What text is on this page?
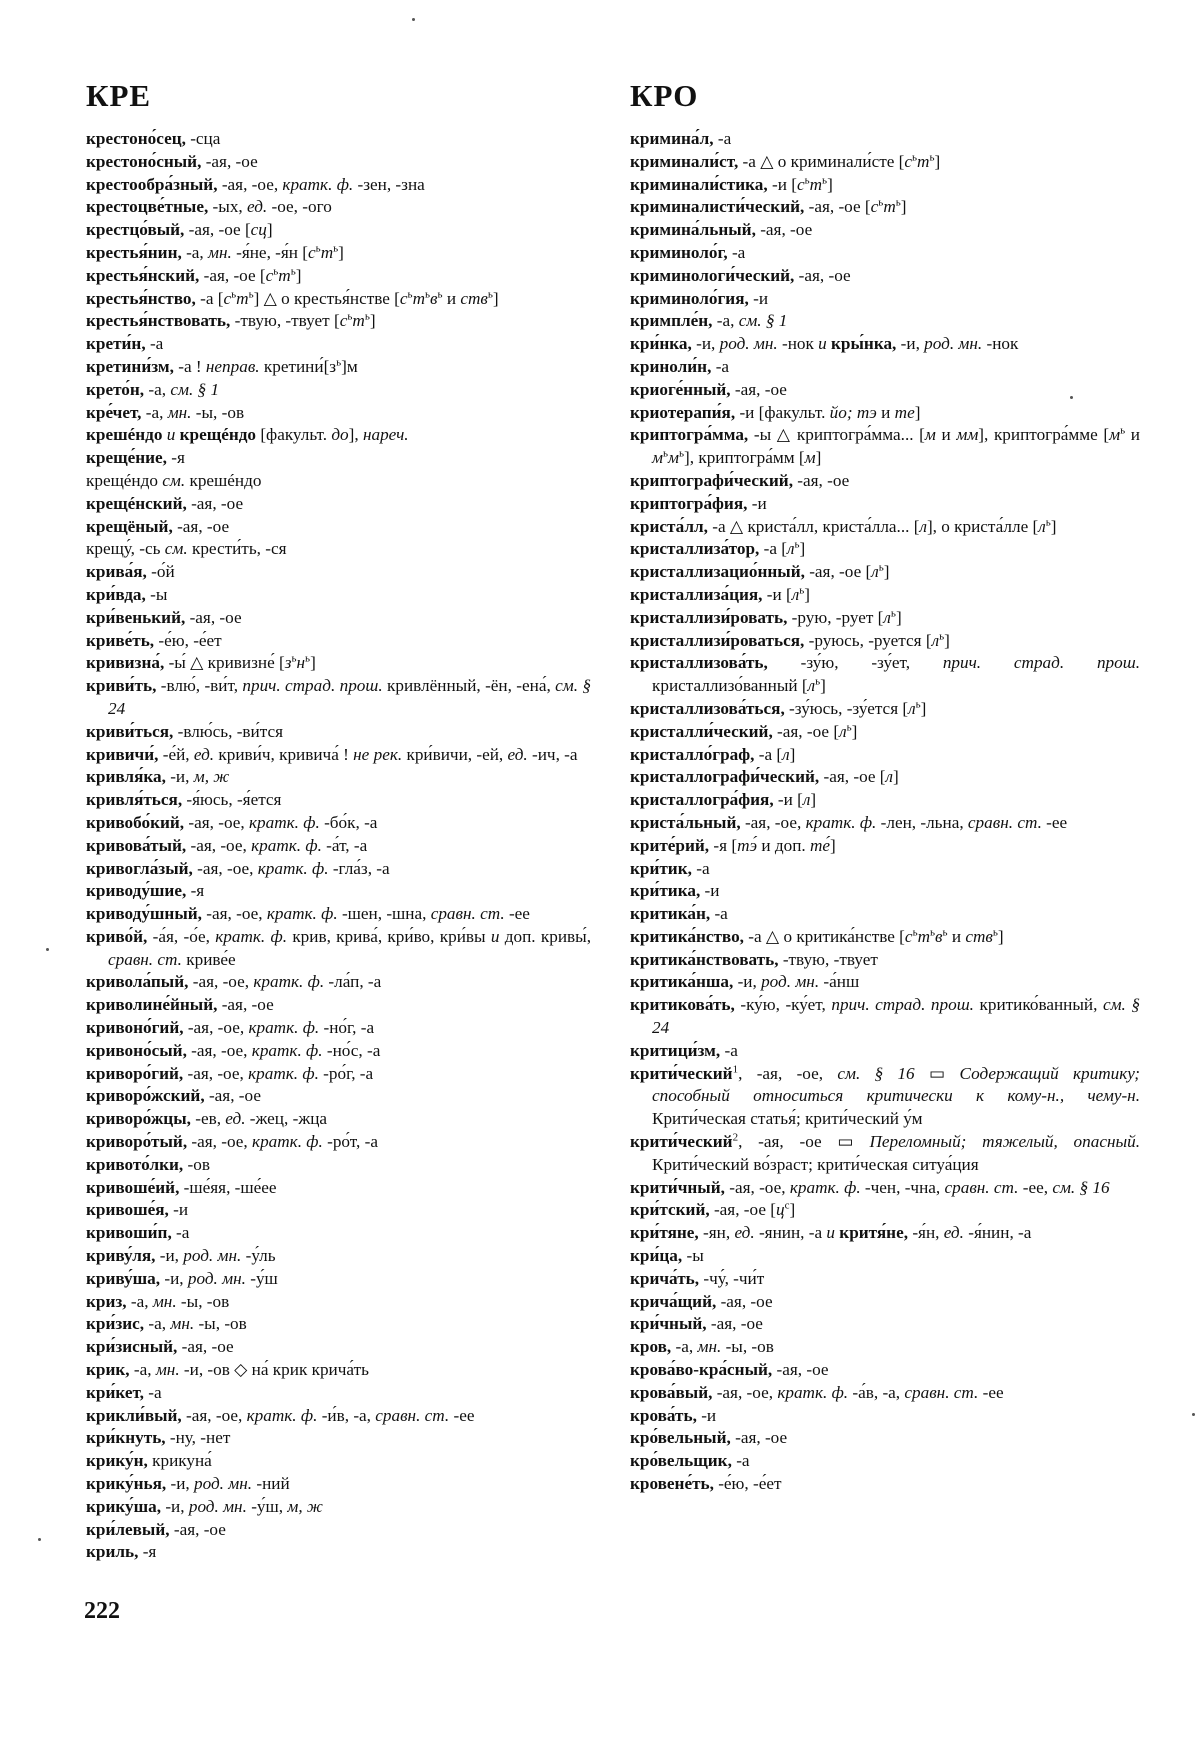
КРЕ	КРО
крестоно́сец, -сца
крестоно́сный, -ая, -ое
крестообра́зный, -ая, -ое, кратк. ф. -зен, -зна
крестоцве́тные, -ых, ед. -ое, -ого
крестцо́вый, -ая, -ое [сц]
крестья́нин, -а, мн. -я́не, -я́н $[с^ьт^ь]$
крестья́нский, -ая, -ое $[с^ьт^ь]$
крестья́нство, -а $[с^ьт^ь]$ △ о крестья́нстве [$с^ьт^ьв^ь$ и ств$^ь$]
крестья́нствовать, -твую, -твует $[с^ьт^ь]$
крети́н, -а
кретини́зм, -а ! неправ. $кретини́[з^ь]м$
крето́н, -а, см. § 1
кре́чет, -а, мн. -ы, -ов
крешéндо и крещéндо [факульт. до], нареч.
креще́ние, -я
крещéндо см. крешéндо
крещéнский, -ая, -ое
крещёный, -ая, -ое
крещу́, -сь см. крести́ть, -ся
крива́я, -о́й
кри́вда, -ы
кри́венький, -ая, -ое
криве́ть, -е́ю, -е́ет
кривизна́, -ы́ △ кривизне́ $[з^ьн^ь]$
криви́ть, -влю́, -ви́т, прич. страд. прош. кривлённый, -ён, -ена́, см. § 24
криви́ться, -влю́сь, -ви́тся
кривичи́, -е́й, ед. криви́ч, кривича́ ! не рек. кри́вичи, -ей, ед. -ич, -а
кривля́ка, -и, м, ж
кривля́ться, -я́юсь, -я́ется
кривобо́кий, -ая, -ое, кратк. ф. -бо́к, -а
кривова́тый, -ая, -ое, кратк. ф. -а́т, -а
кривогла́зый, -ая, -ое, кратк. ф. -гла́з, -а
криводу́шие, -я
криводу́шный, -ая, -ое, кратк. ф. -шен, -шна, сравн. ст. -ее
криво́й, -а́я, -о́е, кратк. ф. крив, крива́, кри́во, кри́вы и доп. кривы́, сравн. ст. криве́е
кривола́пый, -ая, -ое, кратк. ф. -ла́п, -а
криволине́йный, -ая, -ое
кривоно́гий, -ая, -ое, кратк. ф. -но́г, -а
кривоно́сый, -ая, -ое, кратк. ф. -но́с, -а
криворо́гий, -ая, -ое, кратк. ф. -ро́г, -а
криворо́жский, -ая, -ое
криворо́жцы, -ев, ед. -жец, -жца
криворо́тый, -ая, -ое, кратк. ф. -ро́т, -а
кривото́лки, -ов
кривоше́ий, -ше́яя, -ше́ее
кривоше́я, -и
кривоши́п, -а
криву́ля, -и, род. мн. -у́ль
криву́ша, -и, род. мн. -у́ш
криз, -а, мн. -ы, -ов
кри́зис, -а, мн. -ы, -ов
кри́зисный, -ая, -ое
крик, -а, мн. -и, -ов ◇ на́ крик крича́ть
кри́кет, -а
крикли́вый, -ая, -ое, кратк. ф. -и́в, -а, сравн. ст. -ее
кри́кнуть, -ну, -нет
крику́н, крикуна́
крику́нья, -и, род. мн. -ний
крику́ша, -и, род. мн. -у́ш, м, ж
кри́левый, -ая, -ое
криль, -я
кримина́л, -а
криминали́ст, -а △ о криминали́сте $[с^ьт^ь]$
криминали́стика, -и $[с^ьт^ь]$
криминалисти́ческий, -ая, -ое $[с^ьт^ь]$
кримина́льный, -ая, -ое
криминоло́г, -а
криминологи́ческий, -ая, -ое
криминоло́гия, -и
кримпле́н, -а, см. § 1
кри́нка, -и, род. мн. -нок и кры́нка, -и, род. мн. -нок
криноли́н, -а
криоге́нный, -ая, -ое
криотерапи́я, -и [факульт. йо; тэ и те]
криптогра́мма, -ы △ криптогра́мма... [м и мм], криптогра́мме [$м^ь$ и $м^ьм^ь$], криптогра́мм [м]
криптографи́ческий, -ая, -ое
криптогра́фия, -и
криста́лл, -а △ криста́лл, криста́лла... [л], о криста́лле $[л^ь]$
кристаллиза́тор, -а $[л^ь]$
кристаллизацио́нный, -ая, -ое $[л^ь]$
кристаллиза́ция, -и $[л^ь]$
кристаллизи́ровать, -рую, -рует $[л^ь]$
кристаллизи́роваться, -руюсь, -руется $[л^ь]$
кристаллизова́ть, -зу́ю, -зу́ет, прич. страд. прош. кристаллизо́ванный $[л^ь]$
кристаллизова́ться, -зу́юсь, -зу́ется $[л^ь]$
кристалли́ческий, -ая, -ое $[л^ь]$
кристалло́граф, -а [л]
кристаллографи́ческий, -ая, -ое [л]
кристаллогра́фия, -и [л]
криста́льный, -ая, -ое, кратк. ф. -лен, -льна, сравн. ст. -ее
крите́рий, -я [тэ́ и доп. те́]
кри́тик, -а
кри́тика, -и
критика́н, -а
критика́нство, -а △ о критика́нстве [$с^ьт^ьв^ь$ и ств$^ь$]
критика́нствовать, -твую, -твует
критика́нша, -и, род. мн. -а́нш
критикова́ть, -ку́ю, -ку́ет, прич. страд. прош. критико́ванный, см. § 24
критици́зм, -а
крити́ческий$^1$, -ая, -ое, см. § 16 ▭ Содержащий критику; способный относиться критически к кому-н., чему-н. Крити́ческая статья́; крити́ческий у́м
крити́ческий$^2$, -ая, -ое ▭ Переломный; тяжелый, опасный. Крити́ческий во́зраст; крити́ческая ситуа́ция
крити́чный, -ая, -ое, кратк. ф. -чен, -чна, сравн. ст. -ее, см. § 16
кри́тский, -ая, -ое $[ц^с]$
кри́тяне, -ян, ед. -янин, -а и критя́не, -я́н, ед. -я́нин, -а
кри́ца, -ы
крича́ть, -чу́, -чи́т
крича́щий, -ая, -ое
кри́чный, -ая, -ое
кров, -а, мн. -ы, -ов
крова́во-кра́сный, -ая, -ое
крова́вый, -ая, -ое, кратк. ф. -а́в, -а, сравн. ст. -ее
крова́ть, -и
кро́вельный, -ая, -ое
кро́вельщик, -а
кровене́ть, -е́ю, -е́ет
222
